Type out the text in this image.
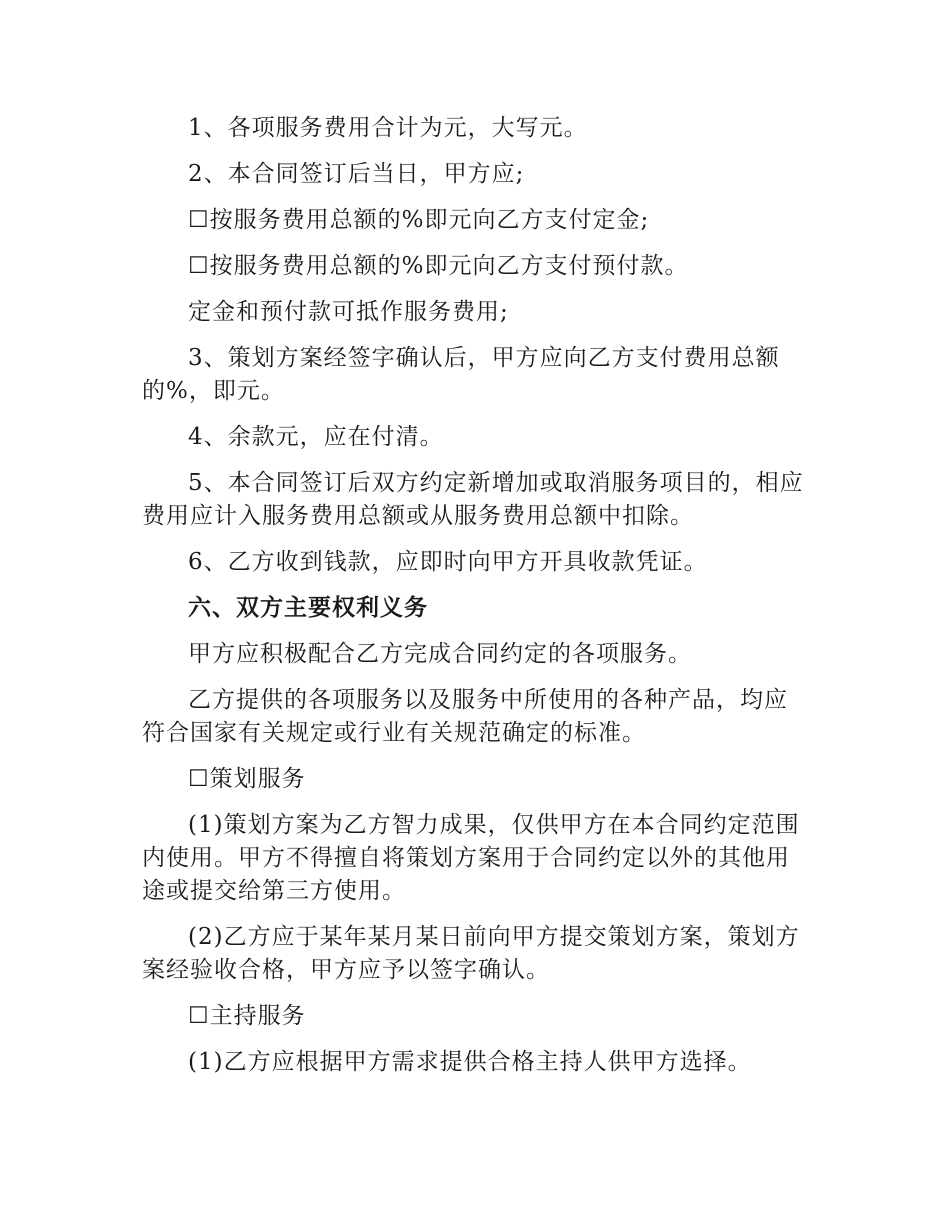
1、各项服务费用合计为元，大写元。

2、本合同签订后当日，甲方应;

☐按服务费用总额的%即元向乙方支付定金;

☐按服务费用总额的%即元向乙方支付预付款。

定金和预付款可抵作服务费用;

3、策划方案经签字确认后，甲方应向乙方支付费用总额的%，即元。

4、余款元，应在付清。

5、本合同签订后双方约定新增加或取消服务项目的，相应费用应计入服务费用总额或从服务费用总额中扣除。

6、乙方收到钱款，应即时向甲方开具收款凭证。

六、双方主要权利义务

甲方应积极配合乙方完成合同约定的各项服务。

乙方提供的各项服务以及服务中所使用的各种产品，均应符合国家有关规定或行业有关规范确定的标准。

☐策划服务

(1)策划方案为乙方智力成果，仅供甲方在本合同约定范围内使用。甲方不得擅自将策划方案用于合同约定以外的其他用途或提交给第三方使用。

(2)乙方应于某年某月某日前向甲方提交策划方案，策划方案经验收合格，甲方应予以签字确认。

☐主持服务

(1)乙方应根据甲方需求提供合格主持人供甲方选择。
